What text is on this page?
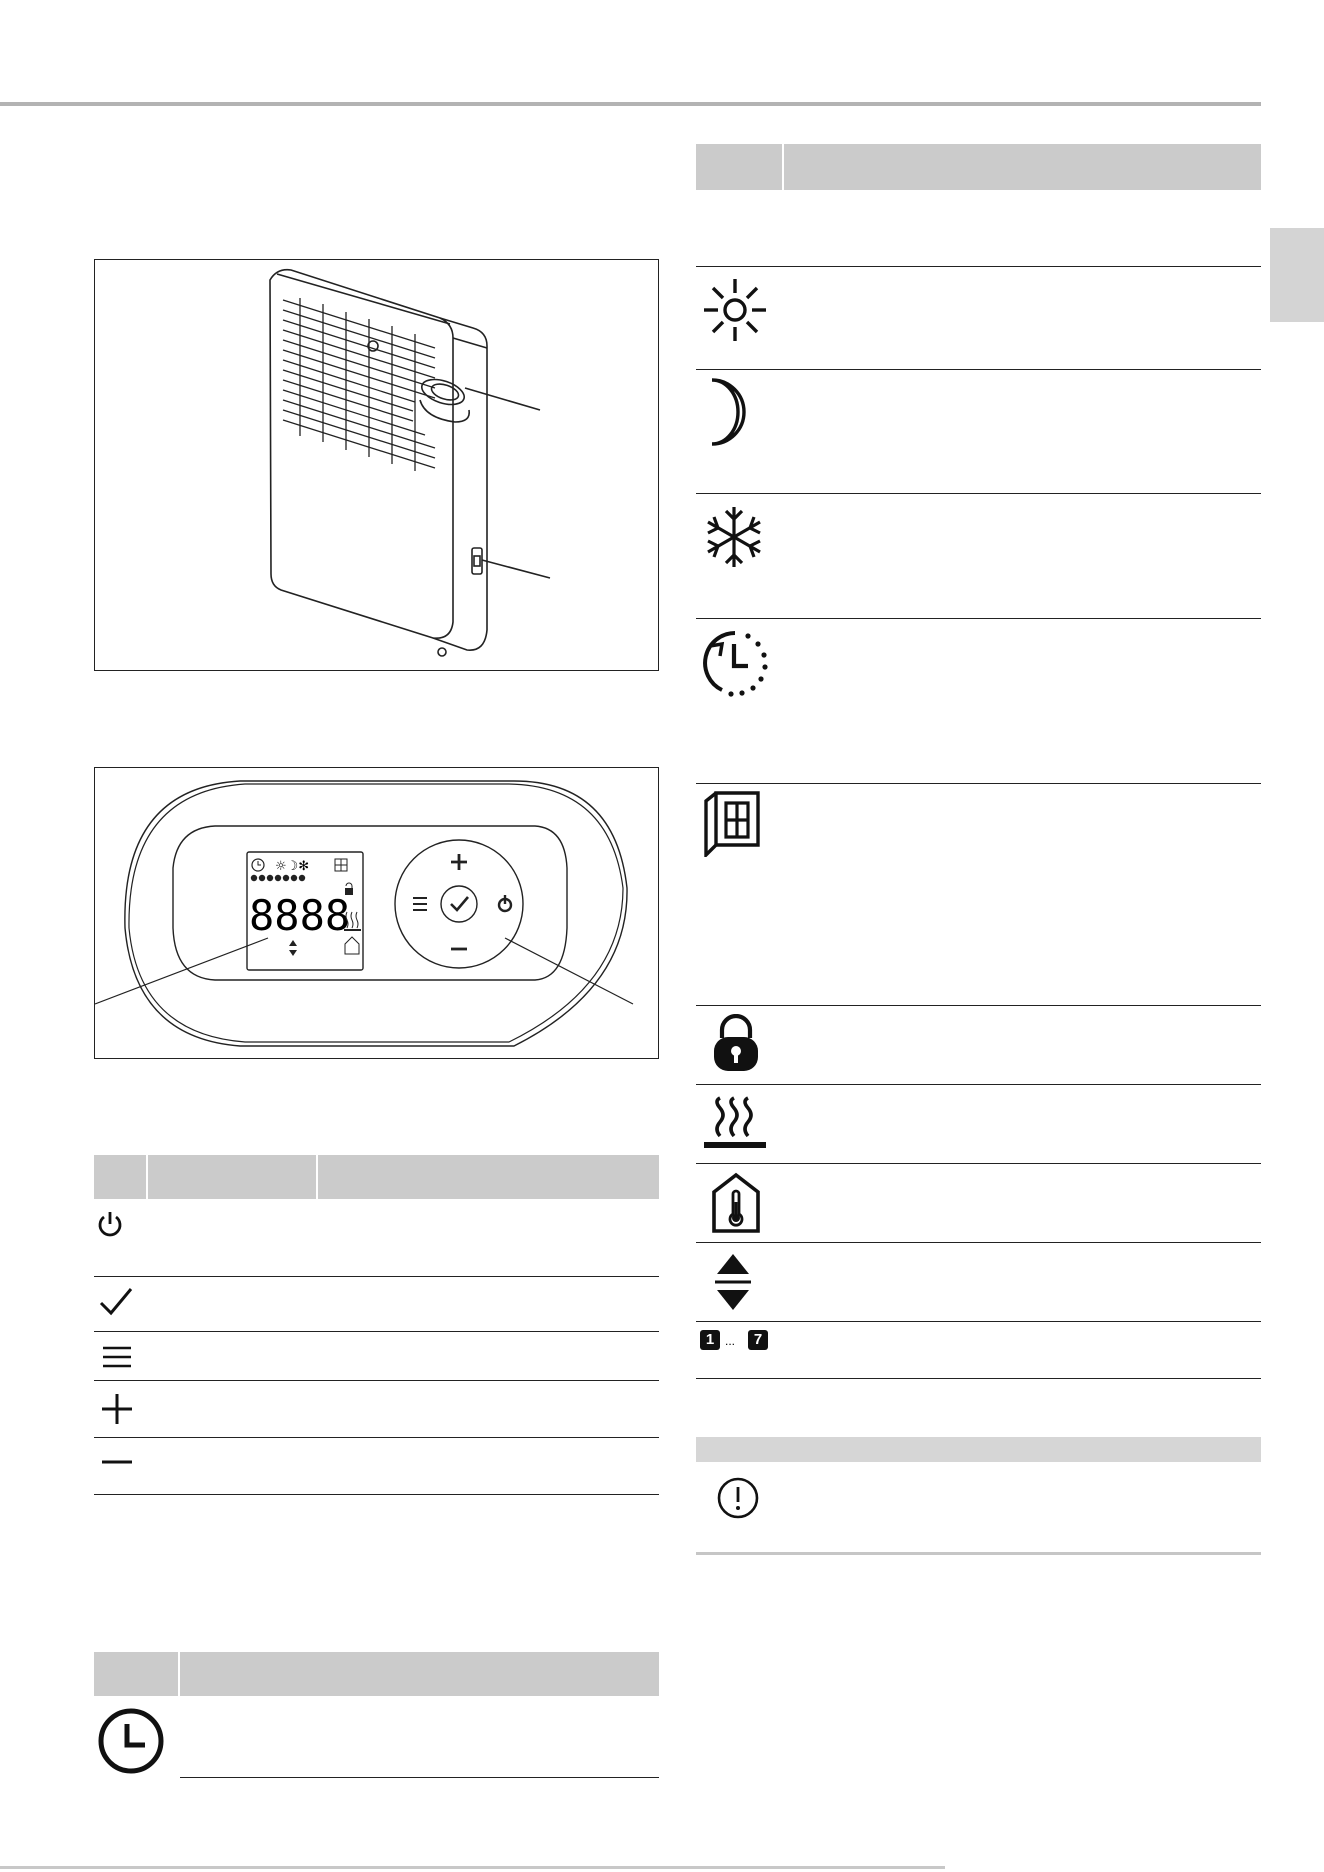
☼☽✻
8888
1 ...	7
